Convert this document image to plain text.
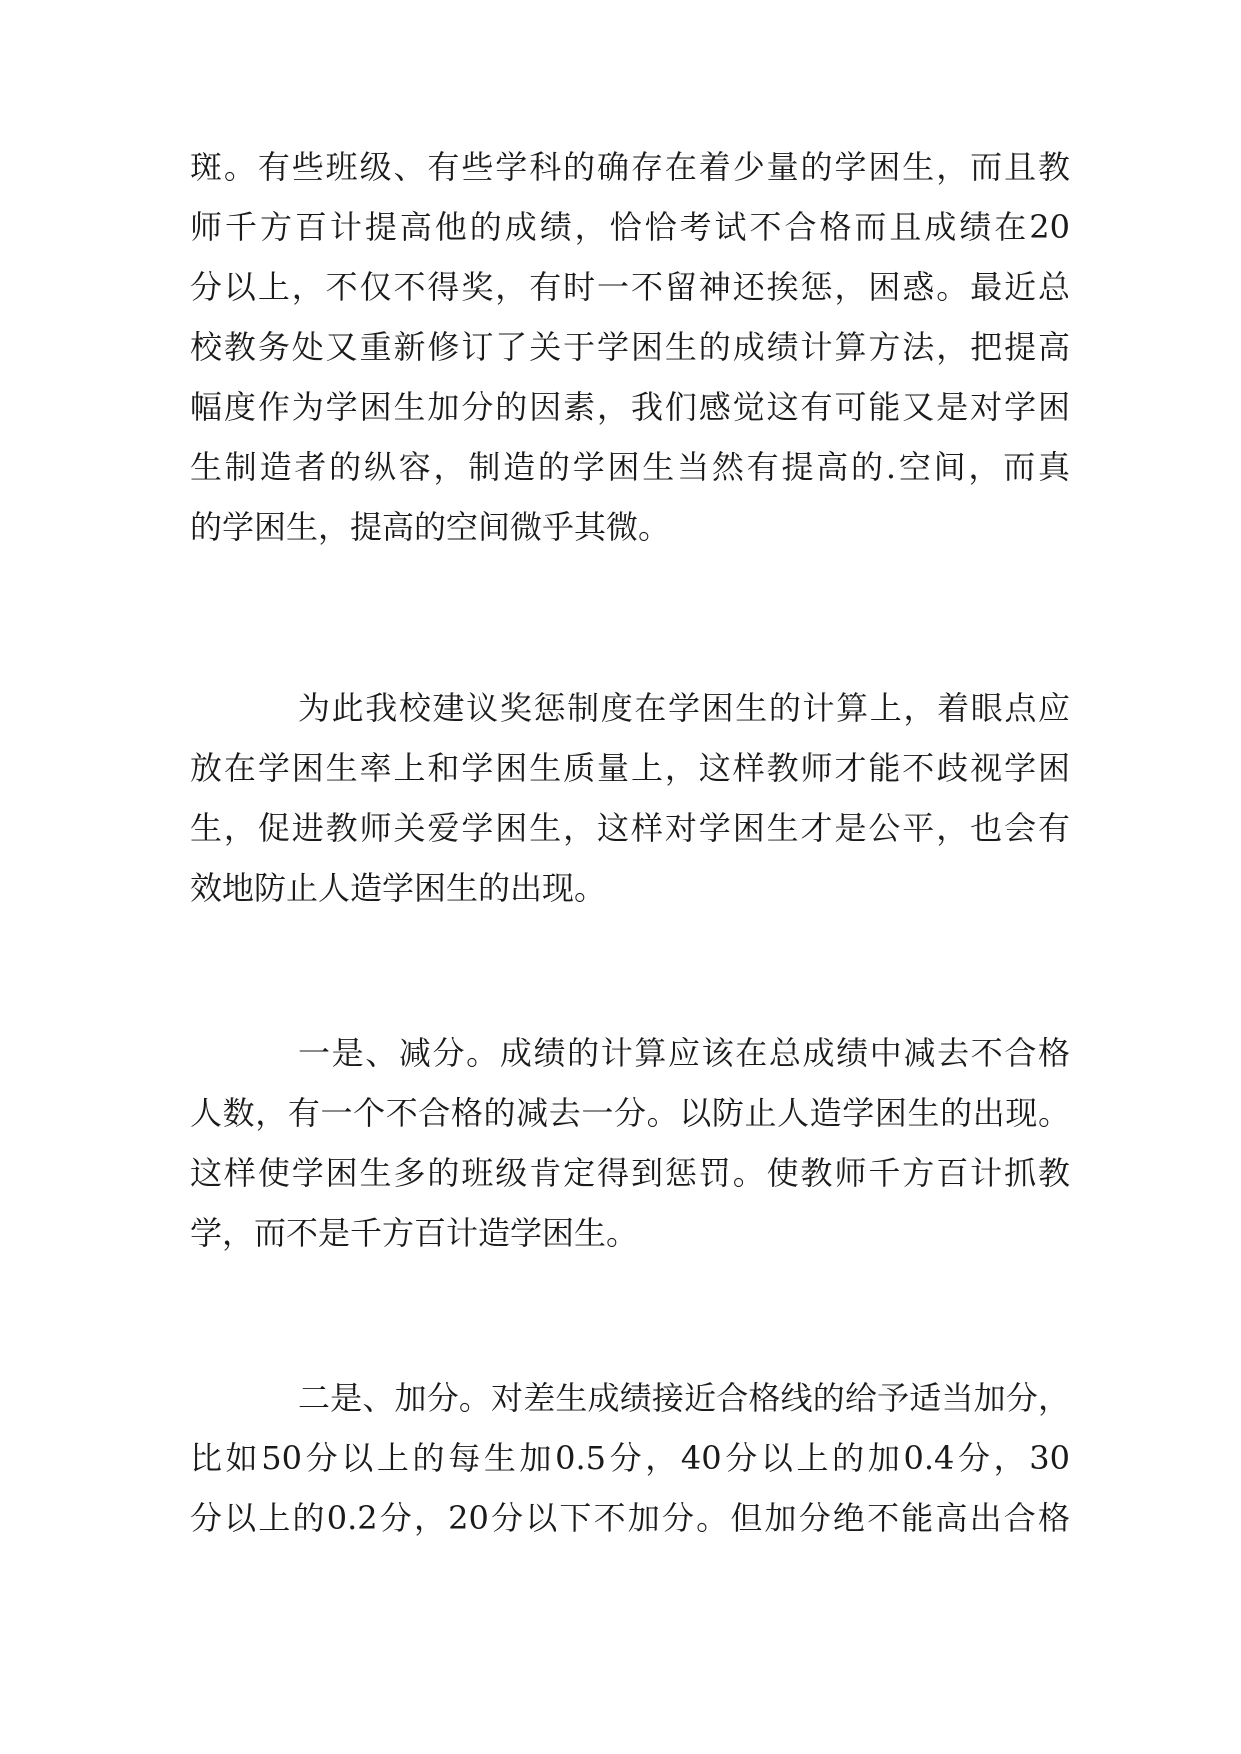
斑。有些班级、有些学科的确存在着少量的学困生，而且教
师千方百计提高他的成绩，恰恰考试不合格而且成绩在20
分以上，不仅不得奖，有时一不留神还挨惩，困惑。最近总
校教务处又重新修订了关于学困生的成绩计算方法，把提高
幅度作为学困生加分的因素，我们感觉这有可能又是对学困
生制造者的纵容，制造的学困生当然有提高的.空间，而真
的学困生，提高的空间微乎其微。
为此我校建议奖惩制度在学困生的计算上，着眼点应
放在学困生率上和学困生质量上，这样教师才能不歧视学困
生，促进教师关爱学困生，这样对学困生才是公平，也会有
效地防止人造学困生的出现。
一是、减分。成绩的计算应该在总成绩中减去不合格
人数，有一个不合格的减去一分。以防止人造学困生的出现。
这样使学困生多的班级肯定得到惩罚。使教师千方百计抓教
学，而不是千方百计造学困生。
二是、加分。对差生成绩接近合格线的给予适当加分，
比如50分以上的每生加0.5分，40分以上的加0.4分，30
分以上的0.2分，20分以下不加分。但加分绝不能高出合格
